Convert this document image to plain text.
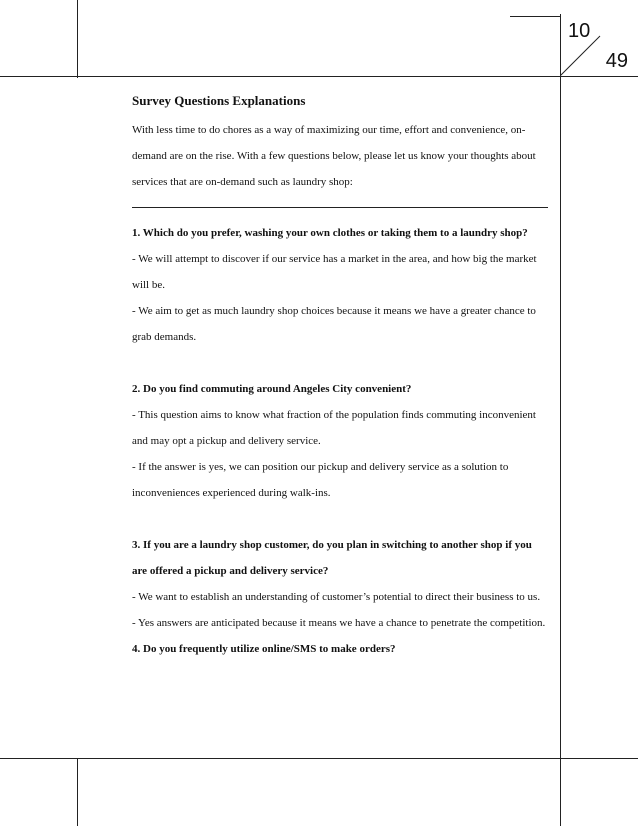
10
49

Survey Questions Explanations

With less time to do chores as a way of maximizing our time, effort and convenience, on-demand are on the rise. With a few questions below, please let us know your thoughts about services that are on-demand such as laundry shop:

1. Which do you prefer, washing your own clothes or taking them to a laundry shop?

- We will attempt to discover if our service has a market in the area, and how big the market will be.

- We aim to get as much laundry shop choices because it means we have a greater chance to grab demands.

2. Do you find commuting around Angeles City convenient?

- This question aims to know what fraction of the population finds commuting inconvenient and may opt a pickup and delivery service.

- If the answer is yes, we can position our pickup and delivery service as a solution to inconveniences experienced during walk-ins.

3. If you are a laundry shop customer, do you plan in switching to another shop if you are offered a pickup and delivery service?

- We want to establish an understanding of customer’s potential to direct their business to us.

- Yes answers are anticipated because it means we have a chance to penetrate the competition.

4. Do you frequently utilize online/SMS to make orders?
